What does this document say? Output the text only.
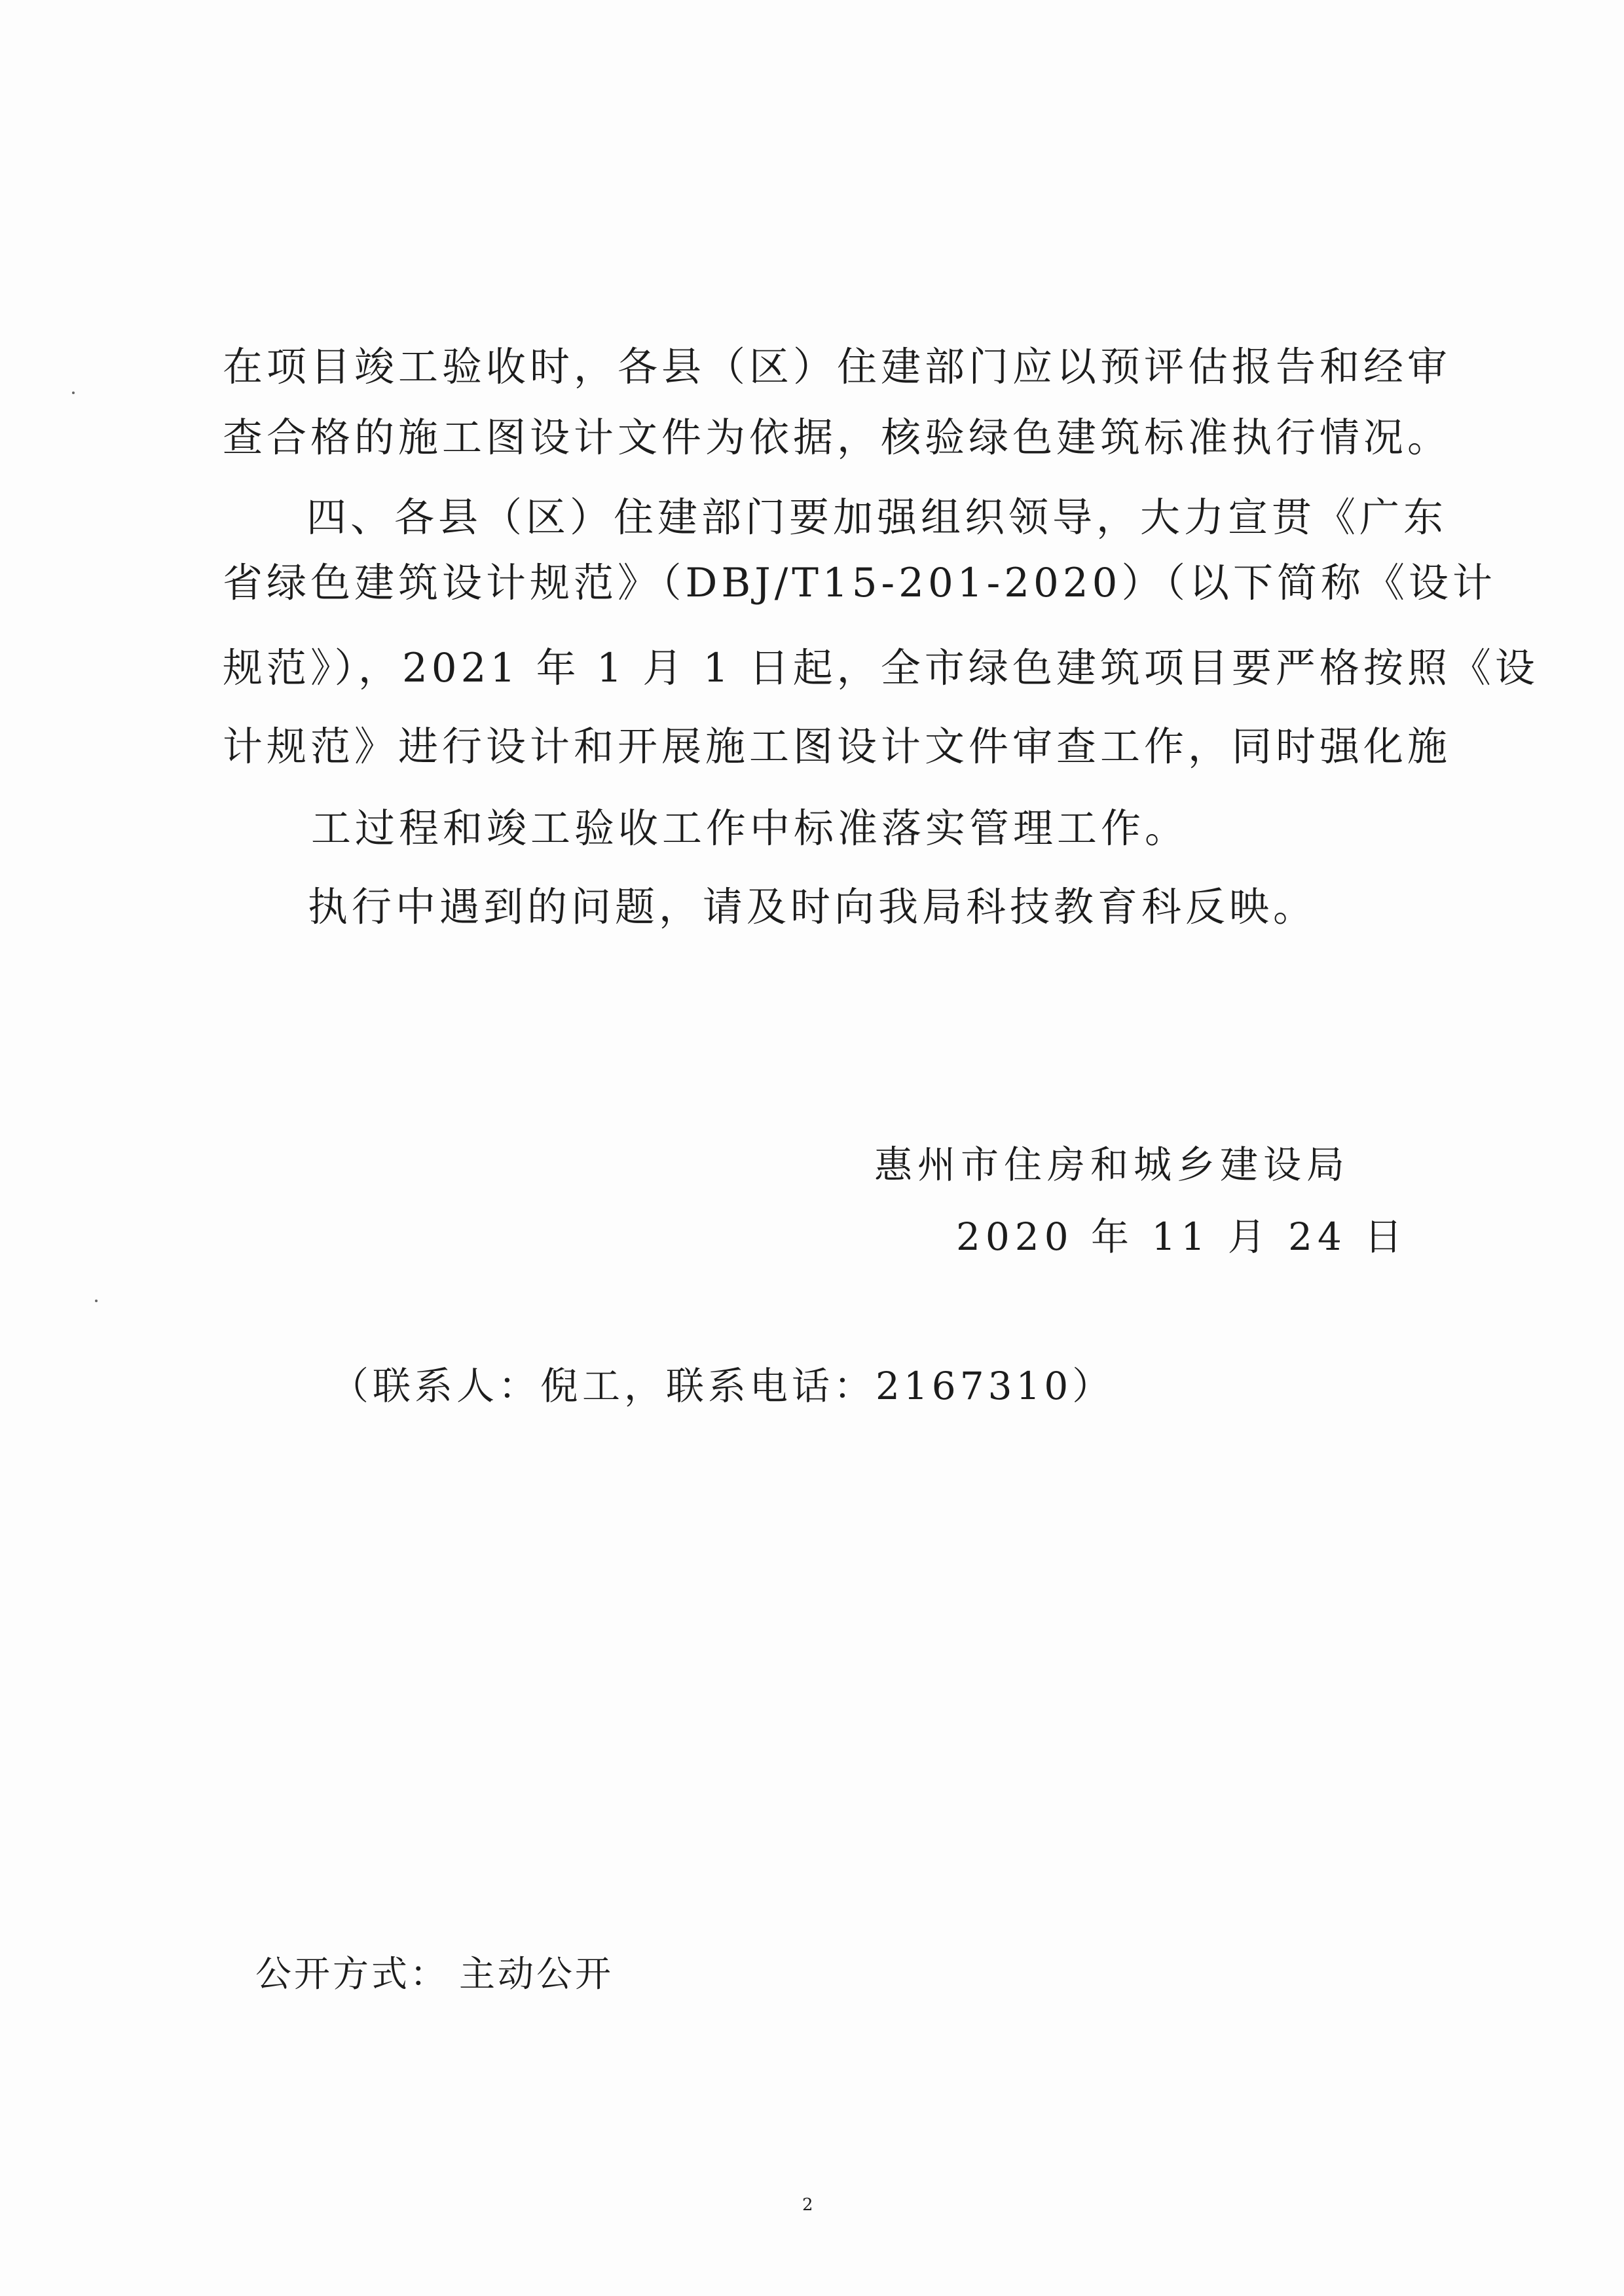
在项目竣工验收时，各县（区）住建部门应以预评估报告和经审
查合格的施工图设计文件为依据，核验绿色建筑标准执行情况。
四、各县（区）住建部门要加强组织领导，大力宣贯《广东
省绿色建筑设计规范》（DBJ/T15-201-2020）（以下简称《设计
规范》），2021 年 1 月 1 日起，全市绿色建筑项目要严格按照《设
计规范》进行设计和开展施工图设计文件审查工作，同时强化施
工过程和竣工验收工作中标准落实管理工作。
执行中遇到的问题，请及时向我局科技教育科反映。
惠州市住房和城乡建设局
2020 年 11 月 24 日
（联系人：倪工，联系电话：2167310）
公开方式： 主动公开
2
